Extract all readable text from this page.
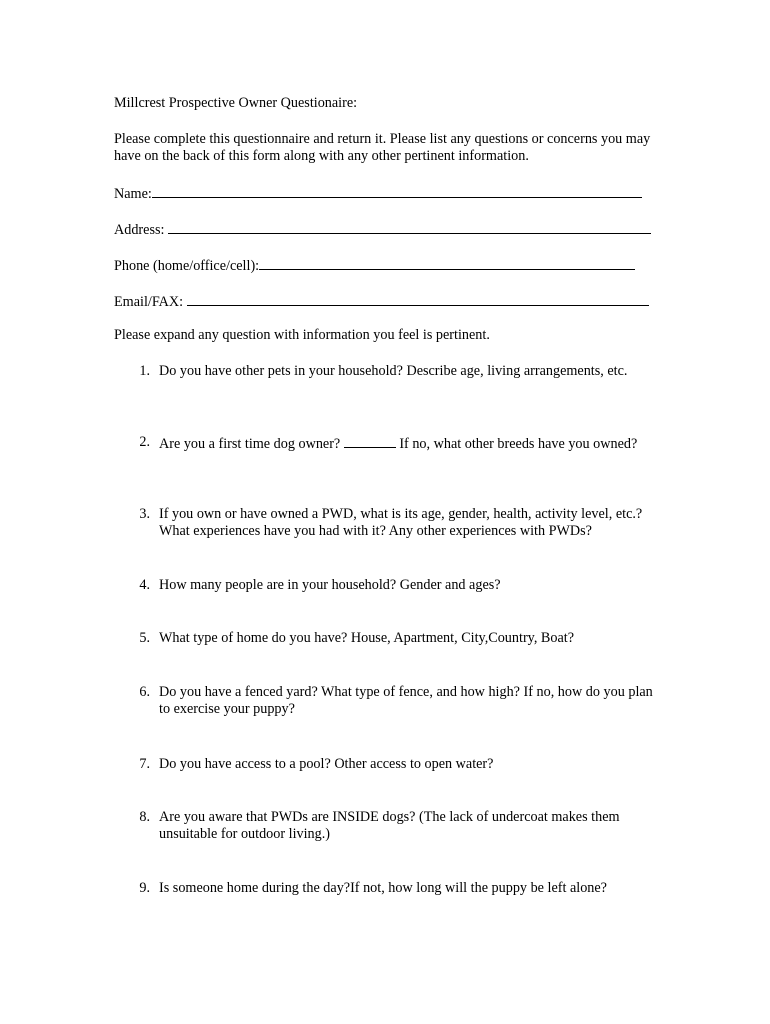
Millcrest Prospective Owner Questionaire:
Please complete this questionnaire and return it. Please list any questions or concerns you may have on the back of this form along with any other pertinent information.
Name:
Address:
Phone (home/office/cell):
Email/FAX:
Please expand any question with information you feel is pertinent.
1. Do you have other pets in your household? Describe age, living arrangements, etc.
2. Are you a first time dog owner?	If no, what other breeds have you owned?
3. If you own or have owned a PWD, what is its age, gender, health, activity level, etc.? What experiences have you had with it? Any other experiences with PWDs?
4. How many people are in your household? Gender and ages?
5. What type of home do you have? House, Apartment, City,Country, Boat?
6. Do you have a fenced yard? What type of fence, and how high? If no, how do you plan to exercise your puppy?
7. Do you have access to a pool? Other access to open water?
8. Are you aware that PWDs are INSIDE dogs? (The lack of undercoat makes them unsuitable for outdoor living.)
9. Is someone home during the day?If not, how long will the puppy be left alone?
